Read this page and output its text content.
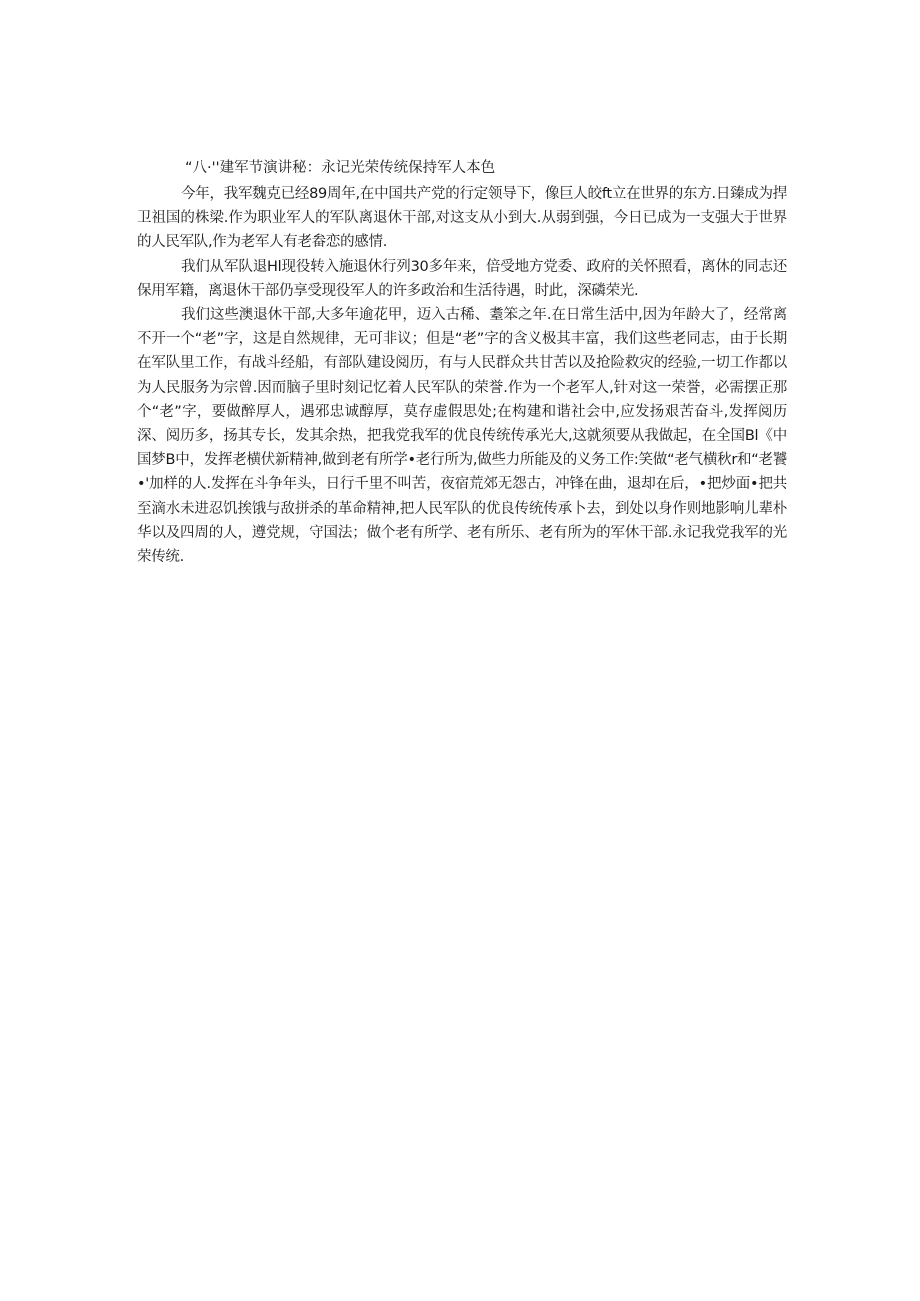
“八·''建军节演讲秘：永记光荣传统保持军人本色

今年，我军魏克已经89周年,在中国共产党的行定领导下，像巨人皎ft立在世界的东方.日臻成为捍卫祖国的株梁.作为职业军人的军队离退休干部,对这支从小到大.从弱到强，今日已成为一支强大于世界的人民军队,作为老军人有老畚恋的感情.

我们从军队退Hl现役转入施退休行列30多年来，倍受地方党委、政府的关怀照看，离休的同志还保用军籍，离退休干部仍享受现役军人的许多政治和生活待遇，时此，深磷荣光.

我们这些澳退休干部,大多年逾花甲，迈入古稀、耋笨之年.在日常生活中,因为年龄大了，经常离不开一个“老”字，这是自然规律，无可非议；但是“老”字的含义极其丰富，我们这些老同志，由于长期在军队里工作，有战斗经船，有部队建设阅历，有与人民群众共甘苦以及抢险救灾的经验,一切工作都以为人民服务为宗曾.因而脑子里时刻记忆着人民军队的荣誉.作为一个老军人,针对这一荣誉，必需摆正那个“老”字，要做醉厚人，遇邪忠诚醇厚，莫存虚假思处;在构建和谐社会中,应发扬艰苦奋斗,发挥阅历深、阅历多，扬其专长，发其余热，把我党我军的优良传统传承光大,这就须要从我做起，在全国Bl《中国梦B中，发挥老横伏新精神,做到老有所学•老行所为,做些力所能及的义务工作:笑做“老气横秋r和“老饕•'加样的人.发挥在斗争年头，日行千里不叫苦，夜宿荒郊无怨古，冲锋在曲，退却在后，•把炒面•把共至滴水未进忍饥挨饿与敌拼杀的革命精神,把人民军队的优良传统传承卜去，到处以身作则地影响儿辈朴华以及四周的人，遵党规，守国法；做个老有所学、老有所乐、老有所为的军休干部.永记我党我军的光荣传统.
